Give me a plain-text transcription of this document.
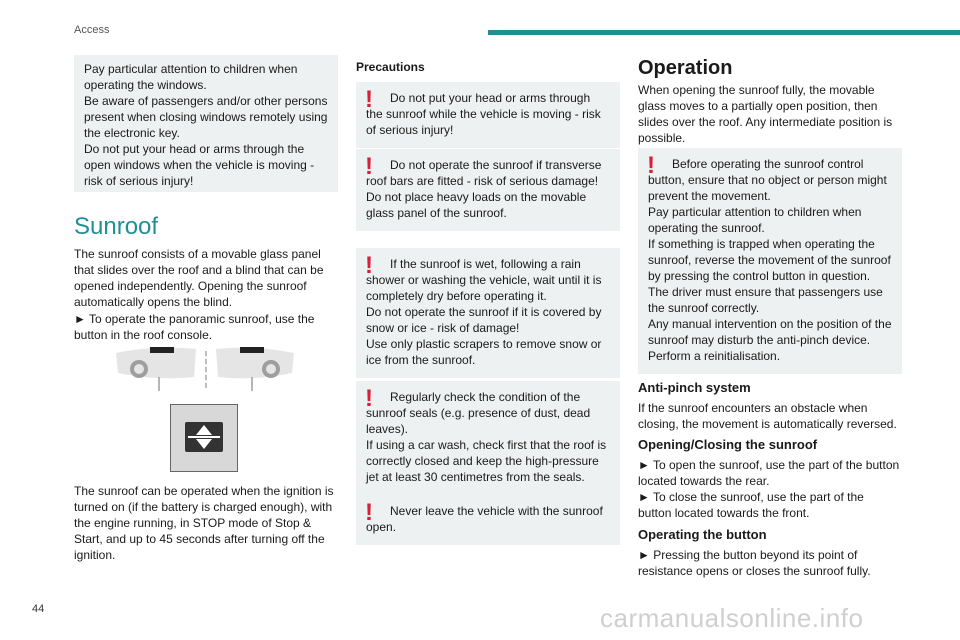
Access

Pay particular attention to children when operating the windows.

Be aware of passengers and/or other persons present when closing windows remotely using the electronic key.

Do not put your head or arms through the open windows when the vehicle is moving - risk of serious injury!

Sunroof

The sunroof consists of a movable glass panel that slides over the roof and a blind that can be opened independently. Opening the sunroof automatically opens the blind.

► To operate the panoramic sunroof, use the button in the roof console.

The sunroof can be operated when the ignition is turned on (if the battery is charged enough), with the engine running, in STOP mode of Stop & Start, and up to 45 seconds after turning off the ignition.

Precautions
!	Do not put your head or arms through the sunroof while the vehicle is moving - risk of serious injury!

!	Do not operate the sunroof if transverse roof bars are fitted - risk of serious damage!

Do not place heavy loads on the movable glass panel of the sunroof.

!	If the sunroof is wet, following a rain shower or washing the vehicle, wait until it is completely dry before operating it.

Do not operate the sunroof if it is covered by snow or ice - risk of damage!

Use only plastic scrapers to remove snow or ice from the sunroof.

!	Regularly check the condition of the sunroof seals (e.g. presence of dust, dead leaves).

If using a car wash, check first that the roof is correctly closed and keep the high-pressure jet at least 30 centimetres from the seals.

!	Never leave the vehicle with the sunroof open.

Operation

When opening the sunroof fully, the movable glass moves to a partially open position, then slides over the roof. Any intermediate position is possible.

!	Before operating the sunroof control button, ensure that no object or person might prevent the movement.

Pay particular attention to children when operating the sunroof.

If something is trapped when operating the sunroof, reverse the movement of the sunroof by pressing the control button in question.

The driver must ensure that passengers use the sunroof correctly.

Any manual intervention on the position of the sunroof may disturb the anti-pinch device.

Perform a reinitialisation.

Anti-pinch system

If the sunroof encounters an obstacle when closing, the movement is automatically reversed.

Opening/Closing the sunroof

► To open the sunroof, use the part of the button located towards the rear.

► To close the sunroof, use the part of the button located towards the front.

Operating the button

► Pressing the button beyond its point of resistance opens or closes the sunroof fully.

44	carmanualsonline.info
